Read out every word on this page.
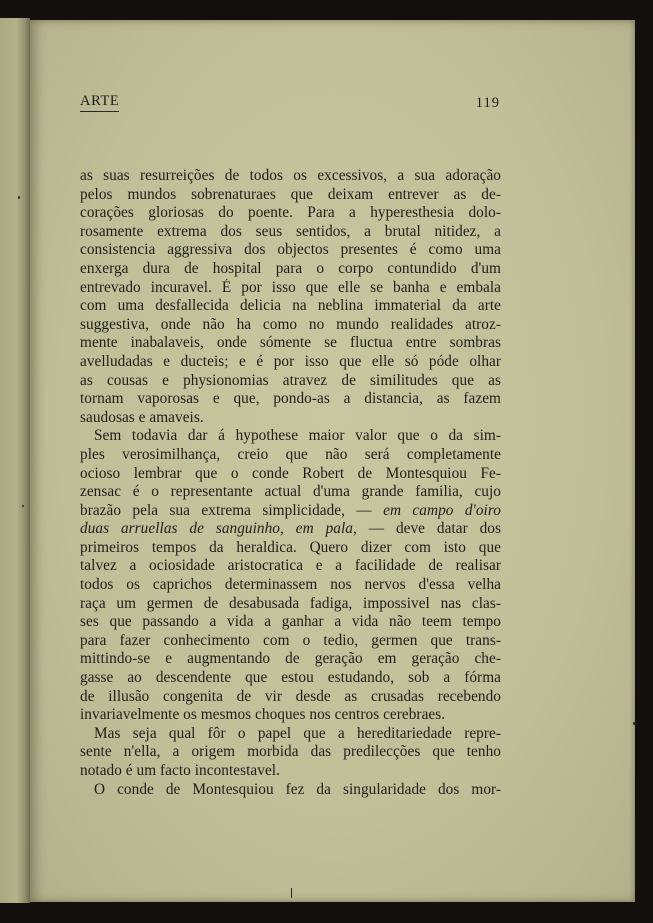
ARTE	119
as suas resurreições de todos os excessivos, a sua adoração
pelos mundos sobrenaturaes que deixam entrever as de-
corações gloriosas do poente. Para a hyperesthesia dolo-
rosamente extrema dos seus sentidos, a brutal nitidez, a
consistencia aggressiva dos objectos presentes é como uma
enxerga dura de hospital para o corpo contundido d'um
entrevado incuravel. É por isso que elle se banha e embala
com uma desfallecida delicia na neblina immaterial da arte
suggestiva, onde não ha como no mundo realidades atroz-
mente inabalaveis, onde sómente se fluctua entre sombras
avelludadas e ducteis; e é por isso que elle só póde olhar
as cousas e physionomias atravez de similitudes que as
tornam vaporosas e que, pondo-as a distancia, as fazem
saudosas e amaveis.
Sem todavia dar á hypothese maior valor que o da sim-
ples verosimilhança, creio que não será completamente
ocioso lembrar que o conde Robert de Montesquiou Fe-
zensac é o representante actual d'uma grande familia, cujo
brazão pela sua extrema simplicidade, — em campo d'oiro
duas arruellas de sanguinho, em pala, — deve datar dos
primeiros tempos da heraldica. Quero dizer com isto que
talvez a ociosidade aristocratica e a facilidade de realisar
todos os caprichos determinassem nos nervos d'essa velha
raça um germen de desabusada fadiga, impossivel nas clas-
ses que passando a vida a ganhar a vida não teem tempo
para fazer conhecimento com o tedio, germen que trans-
mittindo-se e augmentando de geração em geração che-
gasse ao descendente que estou estudando, sob a fórma
de illusão congenita de vir desde as crusadas recebendo
invariavelmente os mesmos choques nos centros cerebraes.
Mas seja qual fôr o papel que a hereditariedade repre-
sente n'ella, a origem morbida das predilecções que tenho
notado é um facto incontestavel.
O conde de Montesquiou fez da singularidade dos mor-
